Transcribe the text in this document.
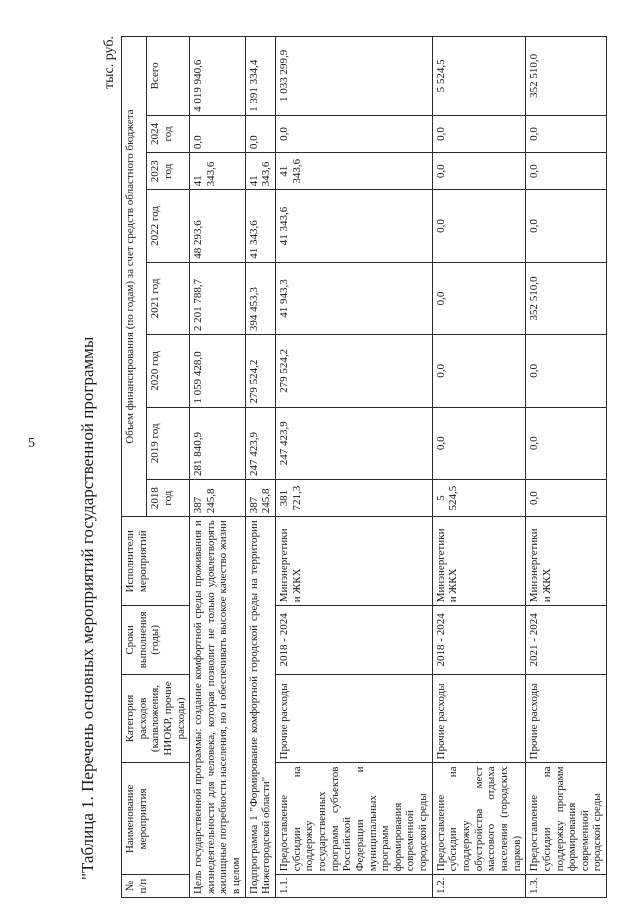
5	"Таблица 1. Перечень основных мероприятий государственной программы
тыс. руб.
№ п/п	Наименование мероприятия	Категория расходов (капвложения, НИОКР, прочие расходы)	Сроки выполнения (годы)	Исполнители мероприятий	Объем финансирования (по годам) за счет средств областного бюджета							
					2018 год	2019 год	2020 год	2021 год	2022 год	2023 год	2024 год	Всего
Цель государственной программы: создание комфортной среды проживания и жизнедеятельности для человека, которая позволит не только удовлетворять жилищные потребности населения, но и обеспечивать высокое качество жизни в целом					387 245,8	281 840,9	1 059 428,0	2 201 788,7	48 293,6	41 343,6	0,0	4 019 940,6
Подпрограмма 1 "Формирование комфортной городской среды на территории Нижегородской области"					387 245,8	247 423,9	279 524,2	394 453,3	41 343,6	41 343,6	0,0	1 391 334,4
1.1.	Предоставление субсидии на поддержку государственных программ субъектов Российской Федерации и муниципальных программ формирования современной городской среды	Прочие расходы	2018 - 2024	Минэнергетики и ЖКХ	381 721,3	247 423,9	279 524,2	41 943,3	41 343,6	41 343,6	0,0	1 033 299,9
1.2.	Предоставление субсидии на поддержку обустройства мест массового отдыха населения (городских парков)	Прочие расходы	2018 - 2024	Минэнергетики и ЖКХ	5 524,5	0,0	0,0	0,0	0,0	0,0	0,0	5 524,5
1.3.	Предоставление субсидии на поддержку программ формирования современной городской среды	Прочие расходы	2021 - 2024	Минэнергетики и ЖКХ	0,0	0,0	0,0	352 510,0	0,0	0,0	0,0	352 510,0
